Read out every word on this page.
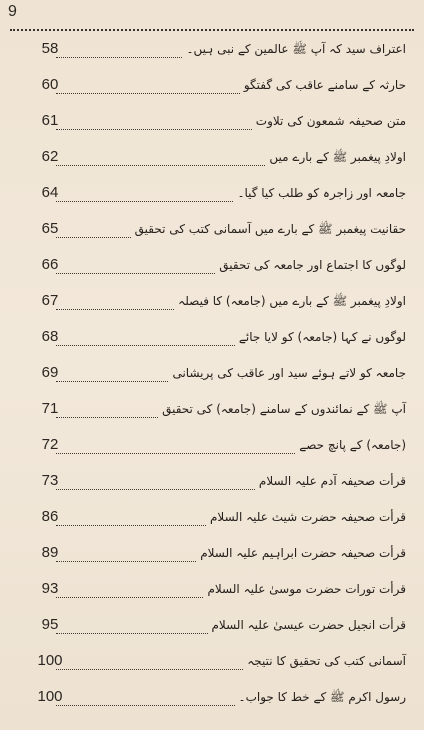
9
58	اعتراف سید کہ آپ ﷺ عالمین کے نبی ہیں۔
60	حارثہ کے سامنے عاقب کی گفتگو
61	متن صحیفہ شمعون کی تلاوت
62	اولادِ پیغمبر ﷺ کے بارے میں
64	جامعہ اور زاجرہ کو طلب کیا گیا۔
65	حقانیت پیغمبر ﷺ کے بارے میں آسمانی کتب کی تحقیق
66	لوگوں کا اجتماع اور جامعہ کی تحقیق
67	اولادِ پیغمبر ﷺ کے بارے میں (جامعہ) کا فیصلہ
68	لوگوں نے کہا (جامعہ) کو لایا جائے
69	جامعہ کو لاتے ہوئے سید اور عاقب کی پریشانی
71	آپ ﷺ کے نمائندوں کے سامنے (جامعہ) کی تحقیق
72	(جامعہ) کے پانچ حصے
73	قرأت صحیفہ آدم علیہ السلام
86	قرأت صحیفہ حضرت شیث علیہ السلام
89	قرأت صحیفہ حضرت ابراہیم علیہ السلام
93	قرأت تورات حضرت موسیٰ علیہ السلام
95	قرأت انجیل حضرت عیسیٰ علیہ السلام
100	آسمانی کتب کی تحقیق کا نتیجہ
100	رسول اکرم ﷺ کے خط کا جواب۔
